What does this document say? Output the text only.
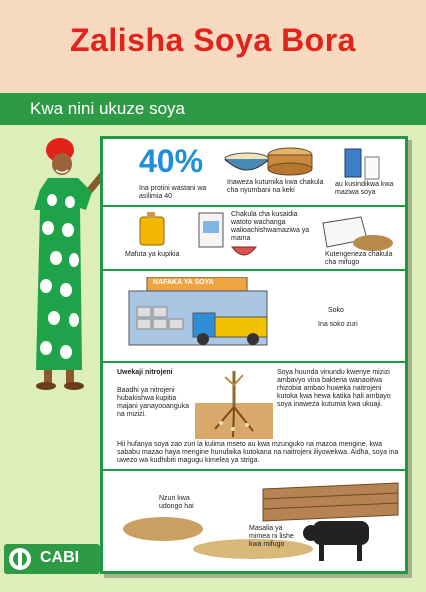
Zalisha Soya Bora
Kwa nini ukuze soya
40%
Ina protini wastani wa asilimia 40
Inaweza kutumika kwa chakula cha nyumbani na keki
au kusindikwa kwa maziwa soya
Mafuta ya kupikia
Chakula cha kusaidia watoto wachanga walioachishwamaziwa ya mama
Kutengeneza chakula cha mifugo
NAFAKA YA SOYA
Soko
Ina soko zuri
Uwekaji nitrojeni
Baadhi ya nitrojeni hubakishwa kupitia majani yanayooanguka na mizizi.
Soya huunda vinundu kwenye mizizi ambavyo vina bakteria wanaoitwa rhizobia ambao huweka naitrojeni kutoka kwa hewa katika hali ambayo soya inaweza kutumia kwa ukuaji.
Hii hufanya soya zao zuri la kulima mseto au kwa mzunguko na mazoa mengine, kwa sababu mazao haya mengine hunufaika kutokana na naitrojeni iliyowekwa. Aidha, soya ina uwezo wa kudhibiti magugu kimelea ya striga.
Nzuri kwa udongo hai
Masalia ya mimea ni lishe kwa mifugo
CABI
